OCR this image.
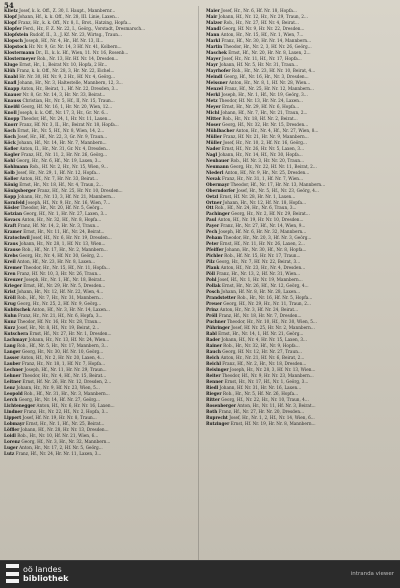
54
Klietz Josef, k. k. Off., Z. 30, I. Haupt., Mannbernr...
Klopf Johann, Hf., k. k. Off., Nr. 28, III. Linie, Laxen...
Klopf Franz, Hr., k. k. Off., Nr. 8, I., Brot., Hatzing, Hopfa...
Klopfer Ferd., Hr., F. Z. Nr. 22, I., Geörg., Vorstadt, Dresmarsch...
Klopfstein Rudolf, II., 3., J. Kf. Nr. 23, Wirtsg., Traun...
Klopsch Joseph, Hf., Nr. 4, Hr., Hf. Nr. 13, II...
Klopstock Hr. Nr. 9, Gr. Nr. 14, 3 Hf. Nr. 41, Kolbern...
Klostermann Dr., II., k. k. Hf., Wien, 11. Nr. 16, Rosenb...
Klostermeyer Rob., Nr. 13, Hr. Hf. Nr. 14, Dresden...
Kluge Ernst, Hr., I., Beirat Nr. 10, Hopfa, 2 Hr...
Klüh Franz, k. k. Off., Nr. 28, 3, Hr. Nr. 22, Eichel...
Knabl Hr. Nr. 30, Hf. Nr. 9, 2 Hr., Hf. Nr. 4, Geörg...
Knafl Johann, Hr., Nr. 3, Haltestelle, Mannbern, 12, 3...
Knapp Anton, Hr., Beirat, 1., Hf. Nr. 22, Dresden, 3...
Knauer Nr. 8, Gr. Nr. 14, 3, Hr. Nr. 33, Beirat...
Knauss Christian, Hr., Nr. 5, Hf., II, Nr. 15, Traun...
Kneißl Georg, Hf. Nr. 16, 1, Hr. Nr. 20, Wien, 12...
Knoll Joseph, k. k. Off., Nr. 17, 3, Hr., Gr. Nr. 6...
Knopp Theodor, Hf., Nr. 24, 1, Hr. Nr. 11, Laxen...
Knorr Franz, Hf. Nr. 3, II., Hr., Beirat Nr. 18, Hopfa...
Koch Ernst, Hr., Nr. 5, Hf., Nr. 8, Wien, 14, 2...
Koch Josef, Hr., Hf., Nr. 22, 3, Gr. Nr. 9, Traun...
Köck Johann, Hf., Nr. 14, Hr. Nr. 7, Mannbern...
Kofler Anton, II., Hr., Nr. 31, Gr. Nr. 4, Dresden...
Kogler Franz, Hf., Nr. 11, 2, Hr. Nr. 26, Geörg...
Kohl Georg, Hr., Nr. 6, Hf., Nr. 19, Laxen, 3...
Kohlmann Rob., Hf. Nr. 2, Hr., Nr. 15, Wien, 9...
Kolb Josef, Hr., Nr. 29, 1, Hf. Nr. 12, Hopfa...
Koller Anton, Hf., Nr. 7, Hr. Nr. 33, Beirat...
König Ernst, Hr., Nr. 18, Hf., Nr. 4, Traun, 2...
Königsberger Franz, Hf., Nr. 25, Hr. Nr. 10, Dresden...
Kopp Johann, Hr., Nr. 13, 3, Hf. Nr. 21, Mannbern...
Kornfeld Joseph, Hf., Nr. 9, Hr., Nr. 16, Wien, 7...
Kösler Theodor, Hr., Nr. 20, Hf. Nr. 5, Geörg...
Kotzian Georg, Hf., Nr. 1, Hr. Nr. 27, Laxen, 3...
Kovacs Anton, Hr., Nr. 32, Hf., Nr. 8, Hopfa...
Kraft Franz, Hf. Nr. 14, 2, Hr. Nr. 3, Traun...
Kramer Ernst, Hr., Nr. 11, Hf., Nr. 24, Beirat...
Kratochwil Josef, Hf., Nr. 6, Hr. Nr. 19, Dresden...
Kraus Johann, Hr., Nr. 28, 1, Hf. Nr. 13, Wien...
Krause Rob., Hf., Nr. 17, Hr., Nr. 2, Mannbern...
Krebs Georg, Hr., Nr. 4, Hf. Nr. 30, Geörg, 2...
Kreil Anton, Hf., Nr. 23, Hr. Nr. 8, Laxen...
Kremer Theodor, Hr., Nr. 15, Hf., Nr. 11, Hopfa...
Kren Franz, Hf. Nr. 10, 3, Hr. Nr. 26, Traun...
Kreuzer Joseph, Hr., Nr. 1, Hf., Nr. 18, Beirat...
Krieger Ernst, Hf., Nr. 29, Hr. Nr. 5, Dresden...
Krist Johann, Hr., Nr. 12, Hf. Nr. 22, Wien, 4...
Kröll Rob., Hf., Nr. 7, Hr., Nr. 31, Mannbern...
Krug Georg, Hr., Nr. 25, 2, Hf. Nr. 9, Geörg...
Kubitschek Anton, Hf., Nr. 3, Hr. Nr. 14, Laxen...
Kuhn Franz, Hr., Nr. 21, Hf., Nr. 6, Hopfa, 3...
Kunz Theodor, Hf. Nr. 16, Hr. Nr. 28, Traun...
Kurz Josef, Hr., Nr. 8, Hf., Nr. 19, Beirat, 2...
Kutschera Ernst, Hf., Nr. 27, Hr. Nr. 1, Dresden...
Lachmayr Johann, Hr., Nr. 13, Hf. Nr. 24, Wien...
Lang Rob., Hf., Nr. 5, Hr., Nr. 17, Mannbern, 3...
Langer Georg, Hr., Nr. 30, Hf. Nr. 10, Geörg...
Lasser Anton, Hf., Nr. 2, Hr. Nr. 20, Laxen, 4...
Lauber Franz, Hr., Nr. 18, 1, Hf. Nr. 7, Hopfa...
Lechner Joseph, Hf., Nr. 11, Hr. Nr. 29, Traun...
Lehner Theodor, Hr., Nr. 4, Hf., Nr. 15, Beirat...
Leitner Ernst, Hf. Nr. 26, Hr. Nr. 12, Dresden, 2...
Lenz Johann, Hr., Nr. 9, Hf. Nr. 23, Wien, 5...
Leopold Rob., Hf., Nr. 31, Hr., Nr. 3, Mannbern...
Lerch Georg, Hr., Nr. 14, Hf. Nr. 27, Geörg...
Lichtenegger Anton, Hf., Nr. 6, Hr. Nr. 16, Laxen...
Lindner Franz, Hr., Nr. 22, Hf., Nr. 2, Hopfa, 3...
Lippert Josef, Hf. Nr. 19, Hr. Nr. 8, Traun...
Lobmayr Ernst, Hr., Nr. 1, Hf., Nr. 25, Beirat...
Löffler Johann, Hf., Nr. 28, Hr. Nr. 13, Dresden...
Loidl Rob., Hr., Nr. 10, Hf. Nr. 21, Wien, 6...
Lorenz Georg, Hf., Nr. 3, Hr., Nr. 32, Mannbern...
Luger Anton, Hr., Nr. 17, 2, Hf. Nr. 5, Geörg...
Lutz Franz, Hf., Nr. 24, Hr. Nr. 11, Laxen, 3...
Maier Josef, Hr., Nr. 6, Hf. Nr. 18, Hopfa...
Mair Johann, Hf., Nr. 12, Hr., Nr. 29, Traun, 2...
Malzer Rob., Hr., Nr. 27, Hf. Nr. 4, Beirat...
Mandl Georg, Hf. Nr. 9, Hr. Nr. 22, Dresden...
Mann Anton, Hr., Nr. 15, Hf., Nr. 1, Wien, 7...
Markl Franz, Hf., Nr. 30, Hr. Nr. 14, Mannbern...
Martin Theodor, Hr., Nr. 2, 3, Hf. Nr. 26, Geörg...
Maschek Ernst, Hf., Nr. 20, Hr. Nr. 8, Laxen, 2...
Mayer Josef, Hr., Nr. 11, Hf., Nr. 17, Hopfa...
Mayr Johann, Hf. Nr. 5, Hr. Nr. 31, Traun...
Mayrhofer Rob., Hr., Nr. 23, Hf. Nr. 10, Beirat, 4...
Meindl Georg, Hf., Nr. 16, Hr., Nr. 3, Dresden...
Meissner Anton, Hr., Nr. 8, 1, Hf. Nr. 28, Wien...
Menzel Franz, Hf., Nr. 25, Hr. Nr. 12, Mannbern...
Merkl Joseph, Hr., Nr. 1, Hf., Nr. 19, Geörg, 3...
Metz Theodor, Hf. Nr. 13, Hr. Nr. 24, Laxen...
Meyer Ernst, Hr., Nr. 29, Hf. Nr. 6, Hopfa...
Michl Johann, Hf., Nr. 7, Hr., Nr. 21, Traun, 2...
Mitter Rob., Hr., Nr. 18, Hf. Nr. 2, Beirat...
Moser Georg, Hf., Nr. 32, Hr. Nr. 15, Dresden...
Mühlbacher Anton, Hr., Nr. 4, Hf., Nr. 27, Wien, 8...
Müller Franz, Hf. Nr. 21, Hr. Nr. 9, Mannbern...
Müller Josef, Hr., Nr. 10, 2, Hf. Nr. 16, Geörg...
Nader Ernst, Hf., Nr. 26, Hr. Nr. 5, Laxen, 3...
Nagl Johann, Hr., Nr. 14, Hf., Nr. 30, Hopfa...
Neubauer Rob., Hf. Nr. 3, Hr. Nr. 20, Traun...
Neumann Georg, Hr., Nr. 22, Hf. Nr. 11, Beirat, 2...
Niederl Anton, Hf., Nr. 9, Hr., Nr. 25, Dresden...
Novak Franz, Hr., Nr. 31, 1, Hf. Nr. 7, Wien...
Obermayr Theodor, Hf., Nr. 17, Hr. Nr. 13, Mannbern...
Oberndorfer Josef, Hr., Nr. 5, Hf., Nr. 23, Geörg, 4...
Oetzl Ernst, Hf. Nr. 28, Hr. Nr. 1, Laxen...
Ortner Johann, Hr., Nr. 12, Hf. Nr. 18, Hopfa...
Ott Rob., Hf., Nr. 24, Hr., Nr. 6, Traun, 3...
Pachinger Georg, Hr., Nr. 2, Hf. Nr. 29, Beirat...
Paul Anton, Hf., Nr. 19, Hr. Nr. 10, Dresden...
Payer Franz, Hr., Nr. 27, Hf., Nr. 14, Wien, 9...
Pech Joseph, Hf. Nr. 6, Hr. Nr. 32, Mannbern...
Peham Theodor, Hr., Nr. 20, 3, Hf. Nr. 3, Geörg...
Peter Ernst, Hf., Nr. 11, Hr. Nr. 26, Laxen, 2...
Pfeiffer Johann, Hr., Nr. 30, Hf., Nr. 8, Hopfa...
Pichler Rob., Hf. Nr. 15, Hr. Nr. 17, Traun...
Pilz Georg, Hr., Nr. 7, Hf. Nr. 22, Beirat, 3...
Plank Anton, Hf., Nr. 23, Hr., Nr. 4, Dresden...
Pöll Franz, Hr., Nr. 13, 2, Hf. Nr. 31, Wien...
Pohl Josef, Hf., Nr. 1, Hr. Nr. 19, Mannbern...
Pollak Ernst, Hr., Nr. 26, Hf., Nr. 12, Geörg, 4...
Posch Johann, Hf. Nr. 8, Hr. Nr. 28, Laxen...
Prandstetter Rob., Hr., Nr. 16, Hf. Nr. 5, Hopfa...
Preuer Georg, Hf., Nr. 29, Hr., Nr. 11, Traun, 2...
Prinz Anton, Hr., Nr. 3, Hf. Nr. 24, Beirat...
Pröll Franz, Hf., Nr. 18, Hr. Nr. 7, Dresden...
Puchner Theodor, Hr., Nr. 10, Hf., Nr. 30, Wien, 5...
Pühringer Josef, Hf. Nr. 25, Hr. Nr. 2, Mannbern...
Rabl Ernst, Hr., Nr. 14, 1, Hf. Nr. 21, Geörg...
Rader Johann, Hf., Nr. 4, Hr. Nr. 15, Laxen, 3...
Rainer Rob., Hr., Nr. 32, Hf., Nr. 9, Hopfa...
Rauch Georg, Hf. Nr. 12, Hr. Nr. 27, Traun...
Reich Anton, Hr., Nr. 21, Hf. Nr. 6, Beirat, 2...
Reichl Franz, Hf., Nr. 2, Hr., Nr. 18, Dresden...
Reisinger Joseph, Hr., Nr. 28, 3, Hf. Nr. 13, Wien...
Reiter Theodor, Hf., Nr. 9, Hr. Nr. 23, Mannbern...
Renner Ernst, Hr., Nr. 17, Hf., Nr. 1, Geörg, 3...
Riedl Johann, Hf. Nr. 31, Hr. Nr. 16, Laxen...
Rieger Rob., Hr., Nr. 5, Hf. Nr. 26, Hopfa...
Ritter Georg, Hf., Nr. 22, Hr., Nr. 10, Traun, 4...
Rosenberger Anton, Hr., Nr. 11, Hf. Nr. 3, Beirat...
Roth Franz, Hf., Nr. 27, Hr. Nr. 20, Dresden...
Ruprecht Josef, Hr., Nr. 1, 2, Hf., Nr. 14, Wien, 6...
Rutzinger Ernst, Hf. Nr. 19, Hr. Nr. 8, Mannbern...
oö landes
bibliothek	intranda viewer
